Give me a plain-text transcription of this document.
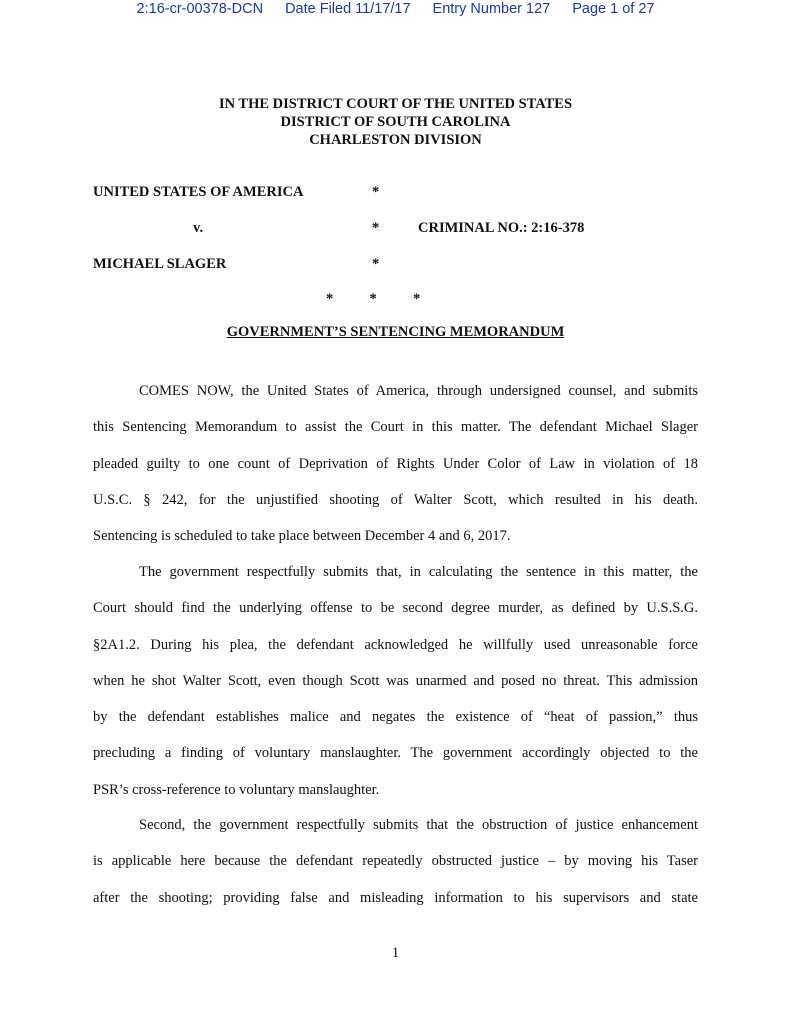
2:16-cr-00378-DCN Date Filed 11/17/17 Entry Number 127 Page 1 of 27
IN THE DISTRICT COURT OF THE UNITED STATES
DISTRICT OF SOUTH CAROLINA
CHARLESTON DIVISION
UNITED STATES OF AMERICA	*
v.	*	CRIMINAL NO.: 2:16-378
MICHAEL SLAGER	*
*          *          *
GOVERNMENT’S SENTENCING MEMORANDUM
COMES NOW, the United States of America, through undersigned counsel, and submits
this Sentencing Memorandum to assist the Court in this matter. The defendant Michael Slager
pleaded guilty to one count of Deprivation of Rights Under Color of Law in violation of 18
U.S.C. § 242, for the unjustified shooting of Walter Scott, which resulted in his death.
Sentencing is scheduled to take place between December 4 and 6, 2017.
The government respectfully submits that, in calculating the sentence in this matter, the
Court should find the underlying offense to be second degree murder, as defined by U.S.S.G.
§2A1.2. During his plea, the defendant acknowledged he willfully used unreasonable force
when he shot Walter Scott, even though Scott was unarmed and posed no threat. This admission
by the defendant establishes malice and negates the existence of “heat of passion,” thus
precluding a finding of voluntary manslaughter. The government accordingly objected to the
PSR’s cross-reference to voluntary manslaughter.
Second, the government respectfully submits that the obstruction of justice enhancement
is applicable here because the defendant repeatedly obstructed justice – by moving his Taser
after the shooting; providing false and misleading information to his supervisors and state
1
